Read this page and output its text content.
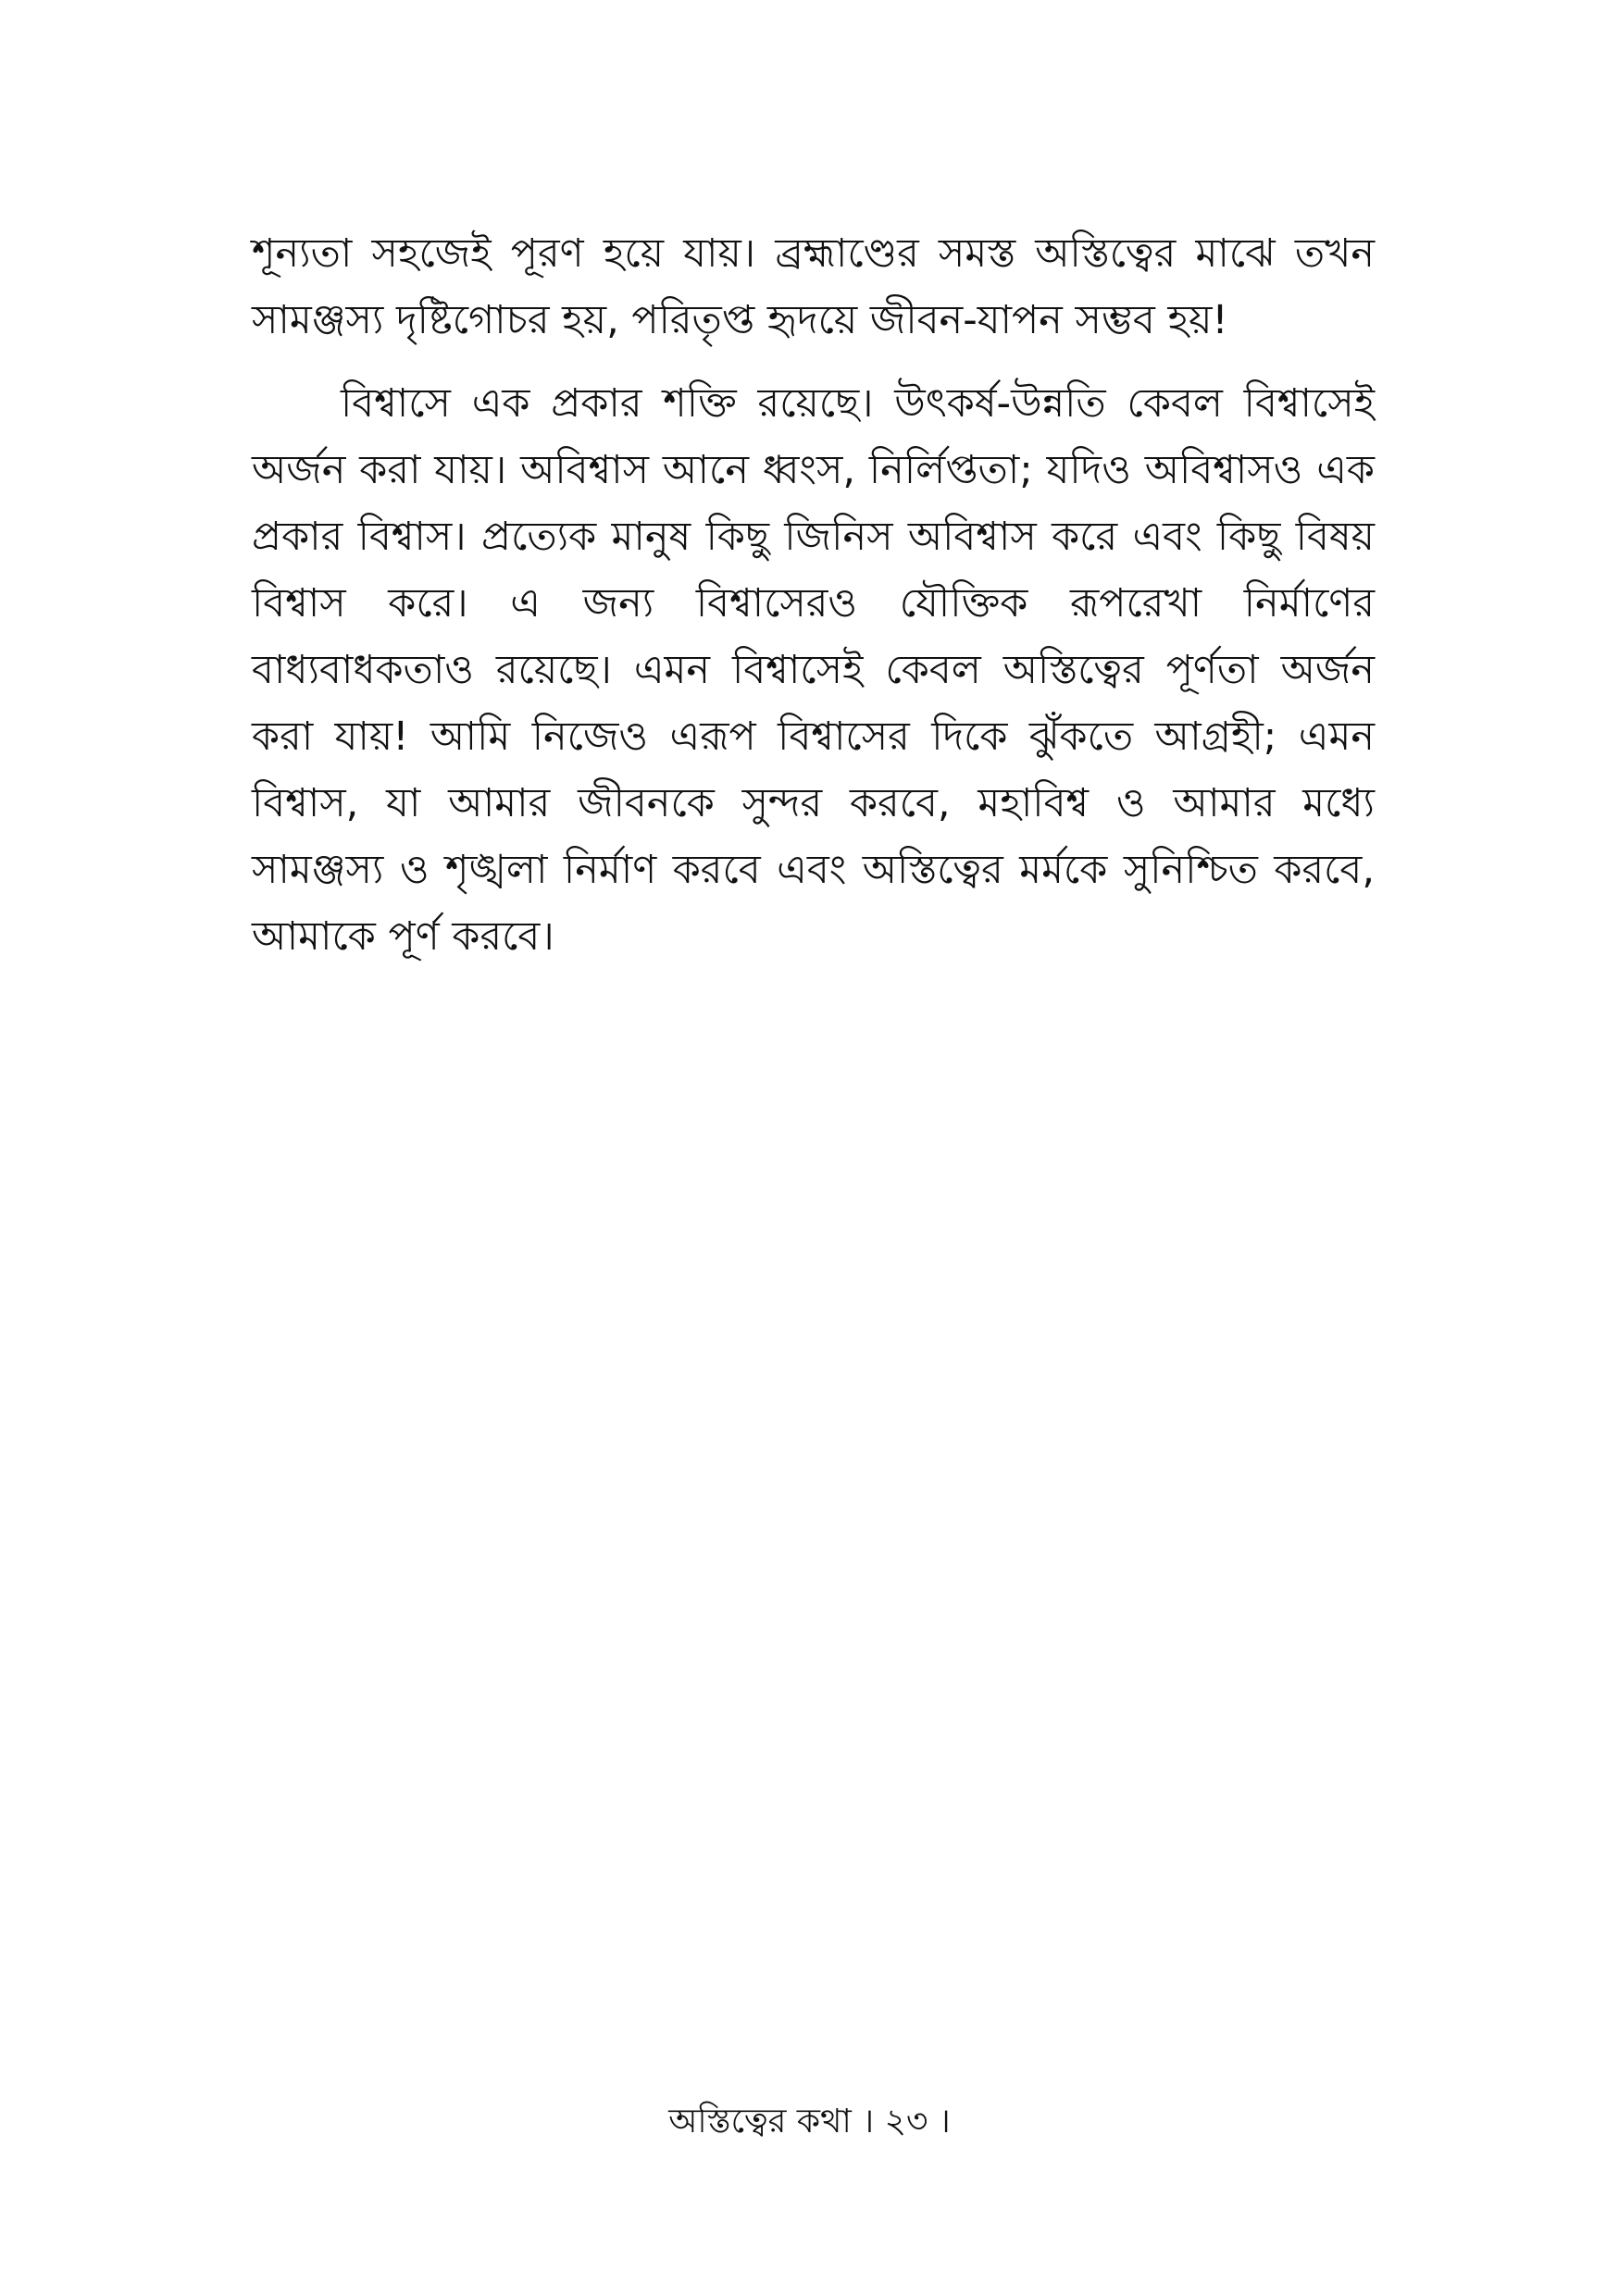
শূন্যতা সহজেই পূরণ হয়ে যায়। ব্রহ্মাণ্ডের সমস্ত অস্তিত্বের মাঝে তখন সামঞ্জস্য দৃষ্টিগোচর হয়, পরিতৃপ্ত হৃদয়ে জীবন-যাপন সম্ভব হয়!

বিশ্বাসে এক প্রকার শক্তি রয়েছে। উৎকর্ষ-উন্নতি কেবল বিশ্বাসেই অর্জন করা যায়। অবিশ্বাস আনে ধ্বংস, নির্লিপ্ততা; যদিও অবিশ্বাসও এক প্রকার বিশ্বাস। প্রত্যেক মানুষ কিছু জিনিস অবিশ্বাস করে এবং কিছু বিষয় বিশ্বাস করে। এ জন্য বিশ্বাসেরও যৌক্তিক রূপরেখা নির্মাণের বাধ্যবাধকতাও রয়েছে। এমন বিশ্বাসেই কেবল অস্তিত্বের পূর্ণতা অর্জন করা যায়! আমি নিজেও এরূপ বিশ্বাসের দিকে ঝুঁকতে আগ্রহী; এমন বিশ্বাস, যা আমার জীবনকে সুন্দর করবে, মহাবিশ্ব ও আমার মধ্যে সামঞ্জস্য ও শৃঙ্খলা নির্মাণ করবে এবং অস্তিত্বের মর্মকে সুনিশ্চিত করবে, আমাকে পূর্ণ করবে।

অস্তিত্বের কথা । ২৩ ।
